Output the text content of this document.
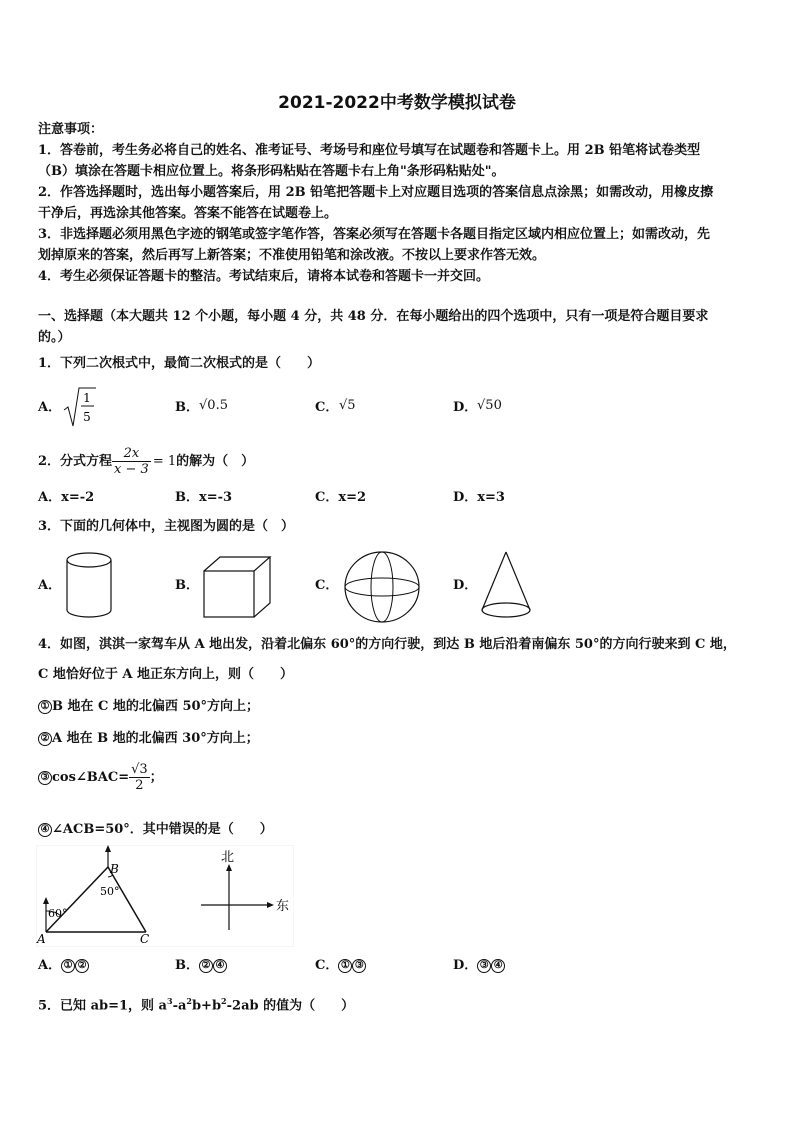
2021-2022中考数学模拟试卷
注意事项：
1．答卷前，考生务必将自己的姓名、准考证号、考场号和座位号填写在试题卷和答题卡上。用 2B 铅笔将试卷类型
（B）填涂在答题卡相应位置上。将条形码粘贴在答题卡右上角"条形码粘贴处"。
2．作答选择题时，选出每小题答案后，用 2B 铅笔把答题卡上对应题目选项的答案信息点涂黑；如需改动，用橡皮擦
干净后，再选涂其他答案。答案不能答在试题卷上。
3．非选择题必须用黑色字迹的钢笔或签字笔作答，答案必须写在答题卡各题目指定区域内相应位置上；如需改动，先
划掉原来的答案，然后再写上新答案；不准使用铅笔和涂改液。不按以上要求作答无效。
4．考生必须保证答题卡的整洁。考试结束后，请将本试卷和答题卡一并交回。
一、选择题（本大题共 12 个小题，每小题 4 分，共 48 分．在每小题给出的四个选项中，只有一项是符合题目要求
的。）
1．下列二次根式中，最简二次根式的是（　　）
A．
1
5
B． √0.5	C． √5	D． √50
2．分式方程 $\frac{2x}{x - 3} = 1$ 的解为（　）
A．x=-2	B．x=-3	C．x=2	D．x=3
3．下面的几何体中，主视图为圆的是（　）
A．	B．	C．	D．
4．如图，淇淇一家驾车从 A 地出发，沿着北偏东 60°的方向行驶，到达 B 地后沿着南偏东 50°的方向行驶来到 C 地，
C 地恰好位于 A 地正东方向上，则（　　）
① B 地在 C 地的北偏西 50°方向上；
② A 地在 B 地的北偏西 30°方向上；
③ cos∠BAC= $\frac{√3}{2}$ ；
④ ∠ACB=50°．其中错误的是（　　）
60°
50°
A
B
C
北
东
A． ① ②	B． ② ④	C． ① ③	D． ③ ④
5．已知 ab=1，则 $a^3-a^2b+b^2-2ab$ 的值为（　　）
